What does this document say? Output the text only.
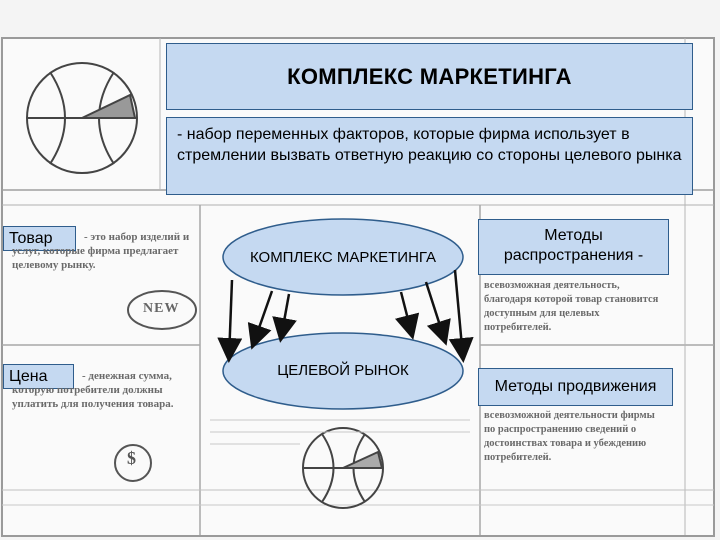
КОМПЛЕКС МАРКЕТИНГА
- набор переменных факторов, которые фирма использует в стремлении вызвать ответную реакцию со стороны целевого рынка
КОМПЛЕКС МАРКЕТИНГА
ЦЕЛЕВОЙ РЫНОК
Товар
Цена
Методы распространения -
Методы продвижения
- это набор изделий и услуг, которые фирма предлагает целевому рынку.
NEW
- денежная сумма, которую потребители должны уплатить для получения товара.
$
всевозможная деятельность, благодаря которой товар становится доступным для целевых потребителей.
всевозможной деятельности фирмы по распространению сведений о достоинствах товара и убеждению потребителей.
